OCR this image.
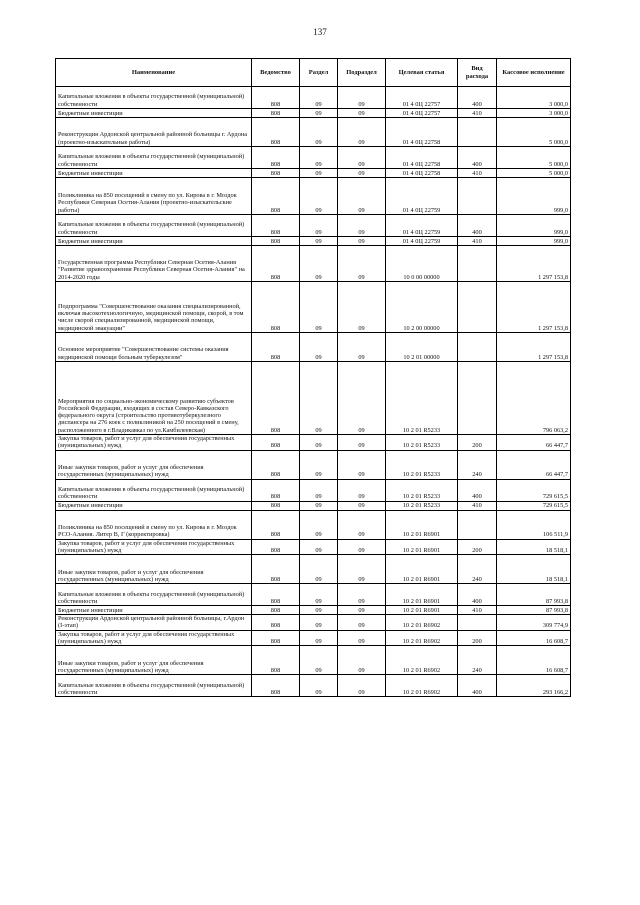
137
Наименование	Ведомство	Раздел	Подраздел	Целевая статья	Вид расхода	Кассовое исполнение
Капитальные вложения в объекты государственной (муниципальной) собственности	808	09	09	01 4 0Ц 22757	400	3 000,0
Бюджетные инвестиции	808	09	09	01 4 0Ц 22757	410	3 000,0
Реконструкция Ардонской центральной районной больницы г. Ардона (проектно-изыскательные работы)	808	09	09	01 4 0Ц 22758		5 000,0
Капитальные вложения в объекты государственной (муниципальной) собственности	808	09	09	01 4 0Ц 22758	400	5 000,0
Бюджетные инвестиции	808	09	09	01 4 0Ц 22758	410	5 000,0
Поликлиника на 850 посещений в смену по ул. Кирова в г. Моздок Республики Северная Осетия-Алания (проектно-изыскательские работы)	808	09	09	01 4 0Ц 22759		999,0
Капитальные вложения в объекты государственной (муниципальной) собственности	808	09	09	01 4 0Ц 22759	400	999,0
Бюджетные инвестиции	808	09	09	01 4 0Ц 22759	410	999,0
Государственная программа Республики Северная Осетия-Алания "Развитие здравоохранения Республики Северная Осетия-Алания" на 2014-2020 годы	808	09	09	10 0 00 00000		1 297 153,8
Подпрограмма "Совершенствование оказания специализированной, включая высокотехнологичную, медицинской помощи, скорой, в том числе скорой специализированной, медицинской помощи, медицинской эвакуации"	808	09	09	10 2 00 00000		1 297 153,8
Основное мероприятие "Совершенствование системы оказания медицинской помощи больным туберкулезом"	808	09	09	10 2 01 00000		1 297 153,8
Мероприятия по социально-экономическому развитию субъектов Российской Федерации, входящих в состав Северо-Кавказского федерального округа (строительство противотуберкулезного диспансера на 276 коек с поликлиникой на 250 посещений в смену, расположенного в г.Владикавказ по ул.Камбилеевская)	808	09	09	10 2 01 R5233		796 063,2
Закупка товаров, работ и услуг для обеспечения государственных (муниципальных) нужд	808	09	09	10 2 01 R5233	200	66 447,7
Иные закупки товаров, работ и услуг для обеспечения государственных (муниципальных) нужд	808	09	09	10 2 01 R5233	240	66 447,7
Капитальные вложения в объекты государственной (муниципальной) собственности	808	09	09	10 2 01 R5233	400	729 615,5
Бюджетные инвестиции	808	09	09	10 2 01 R5233	410	729 615,5
Поликлиника на 850 посещений в смену по ул. Кирова в г. Моздок РСО-Алания. Литер В, Г (корректировка)	808	09	09	10 2 01 R6901		106 511,9
Закупка товаров, работ и услуг для обеспечения государственных (муниципальных) нужд	808	09	09	10 2 01 R6901	200	18 518,1
Иные закупки товаров, работ и услуг для обеспечения государственных (муниципальных) нужд	808	09	09	10 2 01 R6901	240	18 518,1
Капитальные вложения в объекты государственной (муниципальной) собственности	808	09	09	10 2 01 R6901	400	87 993,8
Бюджетные инвестиции	808	09	09	10 2 01 R6901	410	87 993,8
Реконструкция Ардонской центральной районной больницы, г.Ардон (I-этап)	808	09	09	10 2 01 R6902		309 774,9
Закупка товаров, работ и услуг для обеспечения государственных (муниципальных) нужд	808	09	09	10 2 01 R6902	200	16 608,7
Иные закупки товаров, работ и услуг для обеспечения государственных (муниципальных) нужд	808	09	09	10 2 01 R6902	240	16 608,7
Капитальные вложения в объекты государственной (муниципальной) собственности	808	09	09	10 2 01 R6902	400	293 166,2
